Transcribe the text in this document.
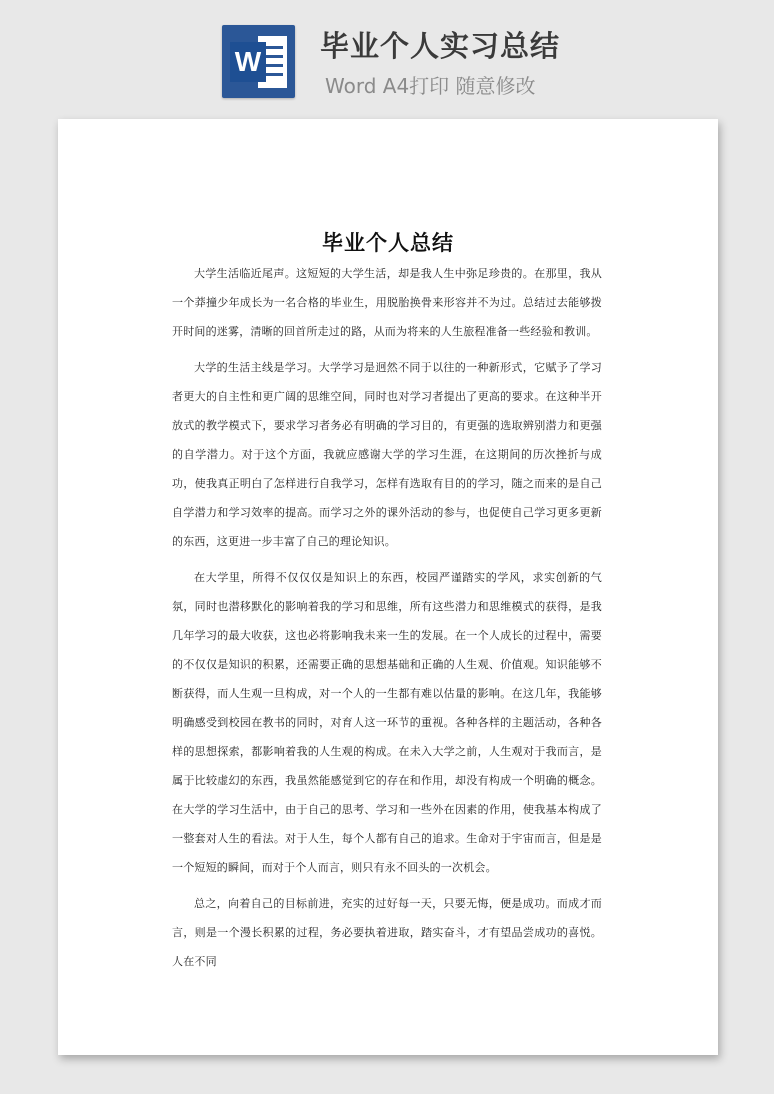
W 毕业个人实习总结
Word A4打印 随意修改
毕业个人总结

大学生活临近尾声。这短短的大学生活，却是我人生中弥足珍贵的。在那里，我从一个莽撞少年成长为一名合格的毕业生，用脱胎换骨来形容并不为过。总结过去能够拨开时间的迷雾，清晰的回首所走过的路，从而为将来的人生旅程准备一些经验和教训。

大学的生活主线是学习。大学学习是迥然不同于以往的一种新形式，它赋予了学习者更大的自主性和更广阔的思维空间，同时也对学习者提出了更高的要求。在这种半开放式的教学模式下，要求学习者务必有明确的学习目的，有更强的选取辨别潜力和更强的自学潜力。对于这个方面，我就应感谢大学的学习生涯，在这期间的历次挫折与成功，使我真正明白了怎样进行自我学习，怎样有选取有目的的学习，随之而来的是自己自学潜力和学习效率的提高。而学习之外的课外活动的参与，也促使自己学习更多更新的东西，这更进一步丰富了自己的理论知识。

在大学里，所得不仅仅仅是知识上的东西，校园严谨踏实的学风，求实创新的气氛，同时也潜移默化的影响着我的学习和思维，所有这些潜力和思维模式的获得，是我几年学习的最大收获，这也必将影响我未来一生的发展。在一个人成长的过程中，需要的不仅仅是知识的积累，还需要正确的思想基础和正确的人生观、价值观。知识能够不断获得，而人生观一旦构成，对一个人的一生都有难以估量的影响。在这几年，我能够明确感受到校园在教书的同时，对育人这一环节的重视。各种各样的主题活动，各种各样的思想探索，都影响着我的人生观的构成。在未入大学之前，人生观对于我而言，是属于比较虚幻的东西，我虽然能感觉到它的存在和作用，却没有构成一个明确的概念。在大学的学习生活中，由于自己的思考、学习和一些外在因素的作用，使我基本构成了一整套对人生的看法。对于人生，每个人都有自己的追求。生命对于宇宙而言，但是是一个短短的瞬间，而对于个人而言，则只有永不回头的一次机会。

总之，向着自己的目标前进，充实的过好每一天，只要无悔，便是成功。而成才而言，则是一个漫长积累的过程，务必要执着进取，踏实奋斗，才有望品尝成功的喜悦。人在不同
